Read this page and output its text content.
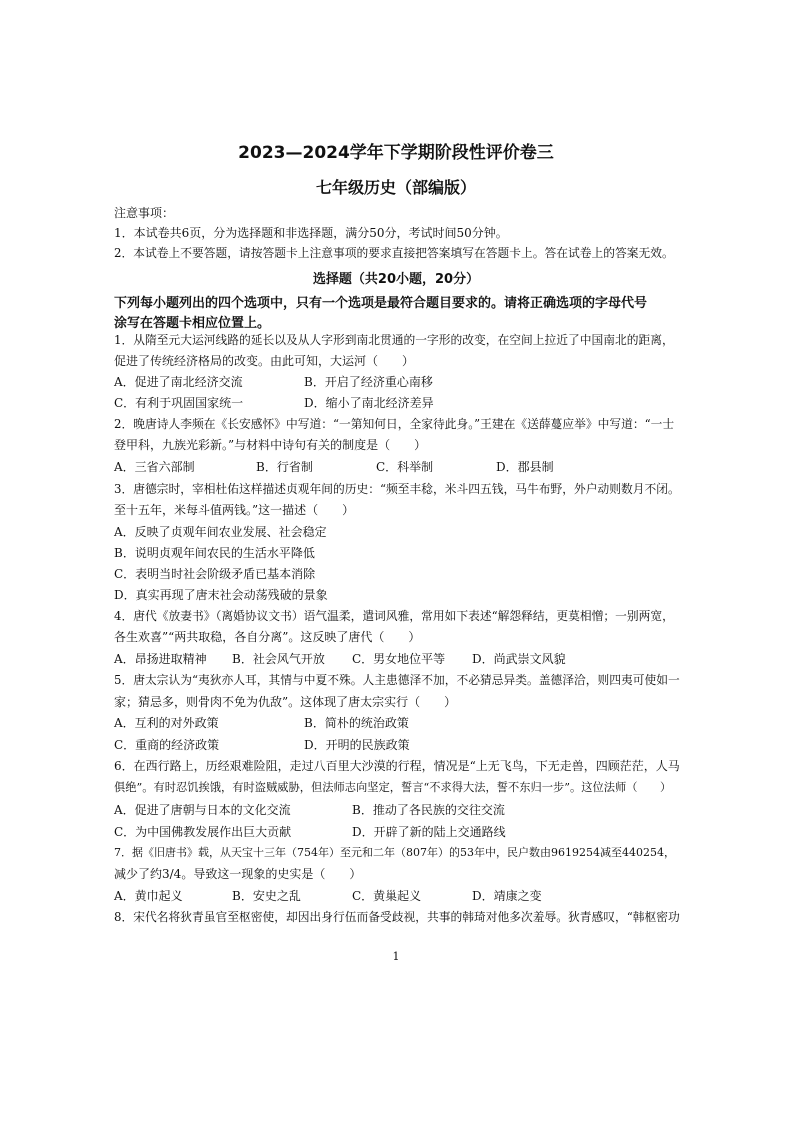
2023—2024学年下学期阶段性评价卷三
七年级历史（部编版）
注意事项：
1．本试卷共6页，分为选择题和非选择题，满分50分，考试时间50分钟。
2．本试卷上不要答题，请按答题卡上注意事项的要求直接把答案填写在答题卡上。答在试卷上的答案无效。
选择题（共20小题，20分）
下列每小题列出的四个选项中，只有一个选项是最符合题目要求的。请将正确选项的字母代号
涂写在答题卡相应位置上。
1．从隋至元大运河线路的延长以及从人字形到南北贯通的一字形的改变，在空间上拉近了中国南北的距离，
促进了传统经济格局的改变。由此可知，大运河（　　）
A．促进了南北经济交流	B．开启了经济重心南移
C．有利于巩固国家统一	D．缩小了南北经济差异
2．晚唐诗人李频在《长安感怀》中写道：“一第知何日，全家待此身。”王建在《送薛蔓应举》中写道：“一士
登甲科，九族光彩新。”与材料中诗句有关的制度是（　　）
A．三省六部制	B．行省制	C．科举制	D．郡县制
3．唐德宗时，宰相杜佑这样描述贞观年间的历史：“频至丰稔，米斗四五钱，马牛布野，外户动则数月不闭。
至十五年，米每斗值两钱。”这一描述（　　）
A．反映了贞观年间农业发展、社会稳定
B．说明贞观年间农民的生活水平降低
C．表明当时社会阶级矛盾已基本消除
D．真实再现了唐末社会动荡残破的景象
4．唐代《放妻书》（离婚协议文书）语气温柔，遣词风雅，常用如下表述“解怨释结，更莫相憎；一别两宽，
各生欢喜”“两共取稳，各自分离”。这反映了唐代（　　）
A．昂扬进取精神 B．社会风气开放 C．男女地位平等 D．尚武崇文风貌
5．唐太宗认为“夷狄亦人耳，其情与中夏不殊。人主患德泽不加，不必猜忌异类。盖德泽洽，则四夷可使如一
家；猜忌多，则骨肉不免为仇敌”。这体现了唐太宗实行（　　）
A．互利的对外政策	B．简朴的统治政策
C．重商的经济政策	D．开明的民族政策
6．在西行路上，历经艰难险阻，走过八百里大沙漠的行程，情况是“上无飞鸟，下无走兽，四顾茫茫，人马
俱绝”。有时忍饥挨饿，有时盗贼威胁，但法师志向坚定，誓言“不求得大法，誓不东归一步”。这位法师（　　）
A．促进了唐朝与日本的文化交流	B．推动了各民族的交往交流
C．为中国佛教发展作出巨大贡献	D．开辟了新的陆上交通路线
7．据《旧唐书》载，从天宝十三年（754年）至元和二年（807年）的53年中，民户数由9619254减至440254，
减少了约3/4。导致这一现象的史实是（　　）
A．黄巾起义	B．安史之乱	C．黄巢起义	D．靖康之变
8．宋代名将狄青虽官至枢密使，却因出身行伍而备受歧视，共事的韩琦对他多次羞辱。狄青感叹，“韩枢密功
1
